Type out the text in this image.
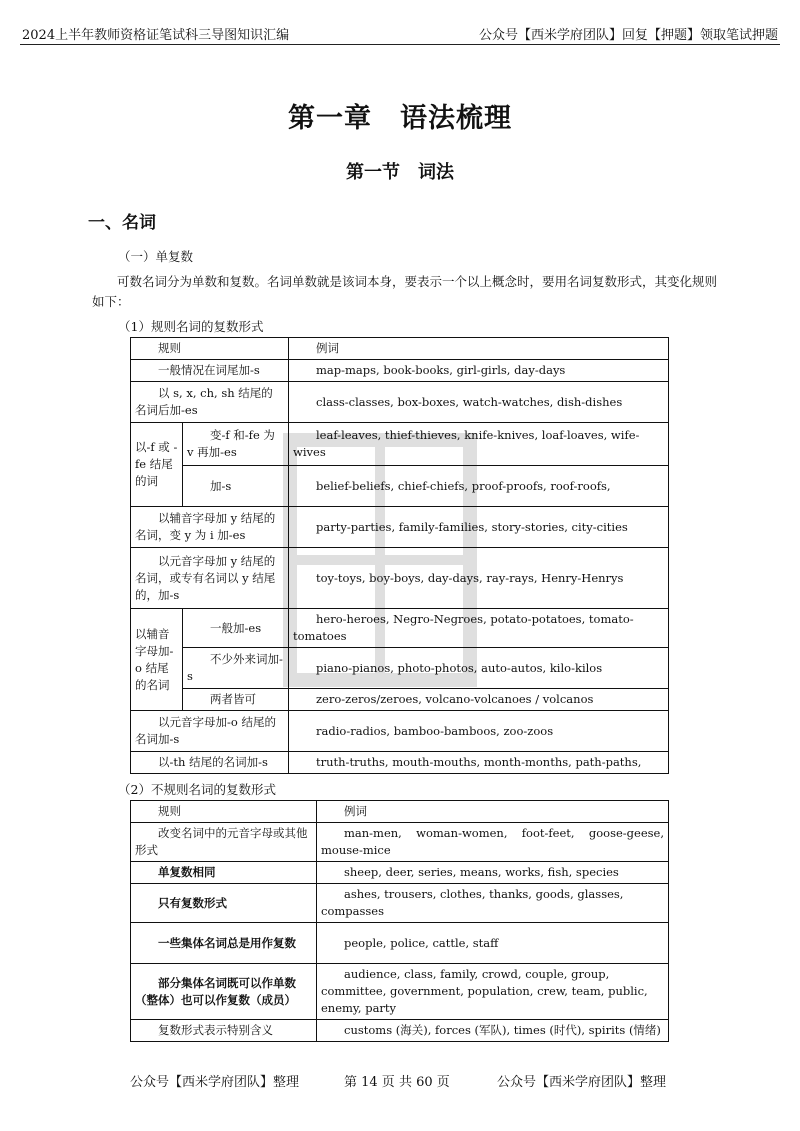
2024上半年教师资格证笔试科三导图知识汇编	公众号【西米学府团队】回复【押题】领取笔试押题
第一章　语法梳理
第一节　词法
一、名词
（一）单复数
可数名词分为单数和复数。名词单数就是该词本身，要表示一个以上概念时，要用名词复数形式，其变化规则如下：
（1）规则名词的复数形式
规则		例词
一般情况在词尾加-s		map-maps, book-books, girl-girls, day-days
以 s, x, ch, sh 结尾的名词后加-es		class-classes, box-boxes, watch-watches, dish-dishes
以-f 或 -fe 结尾的词	变-f 和-fe 为 v 再加-es	leaf-leaves, thief-thieves, knife-knives, loaf-loaves, wife-wives
	加-s	belief-beliefs, chief-chiefs, proof-proofs, roof-roofs,
以辅音字母加 y 结尾的名词，变 y 为 i 加-es		party-parties, family-families, story-stories, city-cities
以元音字母加 y 结尾的名词，或专有名词以 y 结尾的，加-s		toy-toys, boy-boys, day-days, ray-rays, Henry-Henrys
以辅音字母加-o 结尾的名词	一般加-es	hero-heroes, Negro-Negroes, potato-potatoes, tomato-tomatoes
	不少外来词加-s	piano-pianos, photo-photos, auto-autos, kilo-kilos
	两者皆可	zero-zeros/zeroes, volcano-volcanoes / volcanos
以元音字母加-o 结尾的名词加-s		radio-radios, bamboo-bamboos, zoo-zoos
以-th 结尾的名词加-s		truth-truths, mouth-mouths, month-months, path-paths,
（2）不规则名词的复数形式
规则	例词
改变名词中的元音字母或其他形式	man-men, woman-women, foot-feet, goose-geese, mouse-mice
单复数相同	sheep, deer, series, means, works, fish, species
只有复数形式	ashes, trousers, clothes, thanks, goods, glasses, compasses
一些集体名词总是用作复数	people, police, cattle, staff
部分集体名词既可以作单数（整体）也可以作复数（成员）	audience, class, family, crowd, couple, group, committee, government, population, crew, team, public, enemy, party
复数形式表示特别含义	customs (海关), forces (军队), times (时代), spirits (情绪)
公众号【西米学府团队】整理	第 14 页 共 60 页	公众号【西米学府团队】整理
